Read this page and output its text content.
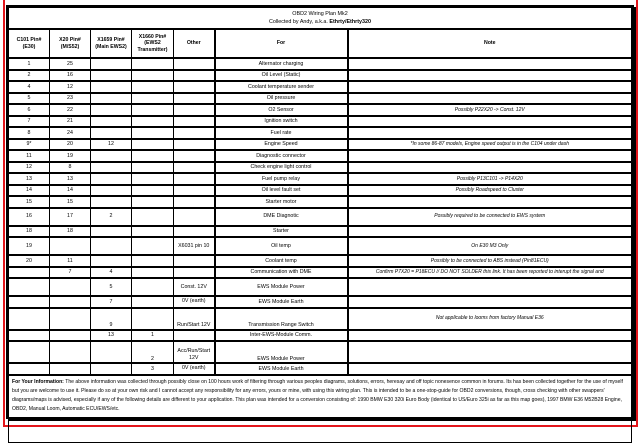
OBD2 Wiring Plan Mk2
Collected by Andy, a.k.a. Ethrty/Ethrty320						

C101 Pin# (E30)	X20 Pin# (M/S52)	X1659 Pin# (Main EWS2)	X1660 Pin# (EWS2 Transmitter)	Other	For	Note
1	25				Alternator charging	
2	16				Oil Level (Static)	
4	12				Coolant temperature sender	
5	23				Oil pressure	
6	22				O2 Sensor	Possibly P22X20 -> Const. 12V
7	21				Ignition switch	
8	24				Fuel rate	
9*	20	12			Engine Speed	*In some 86-87 models, Engine speed output is in the C104 under dash
11	19				Diagnostic connector	
12	8				Check engine light control	
13	13				Fuel pump relay	Possibly P13C101 -> P14X20
14	14				Oil level fault set	Possibly Roadspeed to Cluster
15	15				Starter motor	
16	17	2			DME Diagnotic	Possibly required to be connected to EWS system
18	18				Starter	
19				X6031 pin 10	Oil temp	On E30 M3 Only
20	11				Coolant temp	Possibly to be connected to ABS instead (Pin81ECU)
	7	4			Communication with DME	Confirm P7X20 = P18ECU // DO NOT SOLDER this link. It has been reported to interupt the signal and
		5		Const. 12V	EWS Module Power	
		7		0V (earth)	EWS Module Earth	
		9		Run/Start 12V	Transmission Range Switch	Not applicable to looms from factory Manual E36
		13	1		Inter-EWS-Module Comm.	
			2	Acc/Run/Start 12V	EWS Module Power	
			3	0V (earth)	EWS Module Earth	
For Your Information: The above information was collected through possibly close on 100 hours work of filtering through various peoples diagrams, solutions, errors, heresay and off topic nonesence common in forums. Its has been collected together for the use of myself but you are welcome to use it. Please do so at your own risk and I cannot accept any responsibility for any errors, yours or mine, with using this wiring plan. This is intended to be a one-stop-guide for OBD2 conversions, though, cross checking with other swappers' diagrams/maps is advised, especially if any of the following details are different to your application. This plan was intended for a conversion consisting of: 1990 BMW E30 320i Euro Body (identical to US/Euro 325i as far as this map goes), 1997 BMW E36 M52B28 Engine, OBD2, Manual Loom, Automatic ECU/EWS/etc.						
